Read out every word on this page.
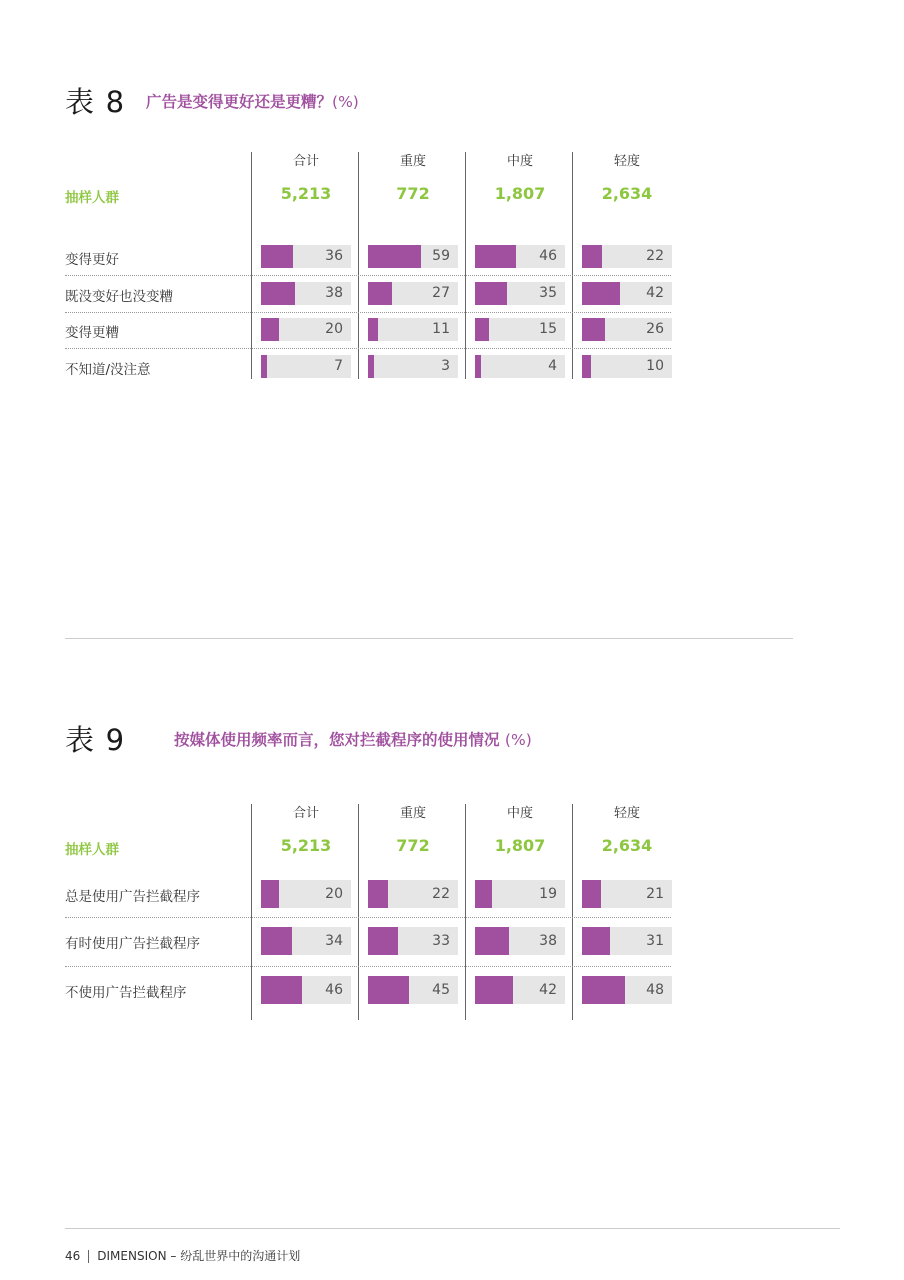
表 8 广告是变得更好还是更糟？(%)
合计	重度	中度	轻度
抽样人群	5,213	772	1,807	2,634
变得更好	36	59	46	22
既没变好也没变糟	38	27	35	42
变得更糟	20	11	15	26
不知道/没注意	7	3	4	10
表 9	按媒体使用频率而言，您对拦截程序的使用情况 (%)
合计	重度	中度	轻度
抽样人群	5,213	772	1,807	2,634
总是使用广告拦截程序	20	22	19	21
有时使用广告拦截程序	34	33	38	31
不使用广告拦截程序	46	45	42	48
46 DIMENSION – 纷乱世界中的沟通计划
